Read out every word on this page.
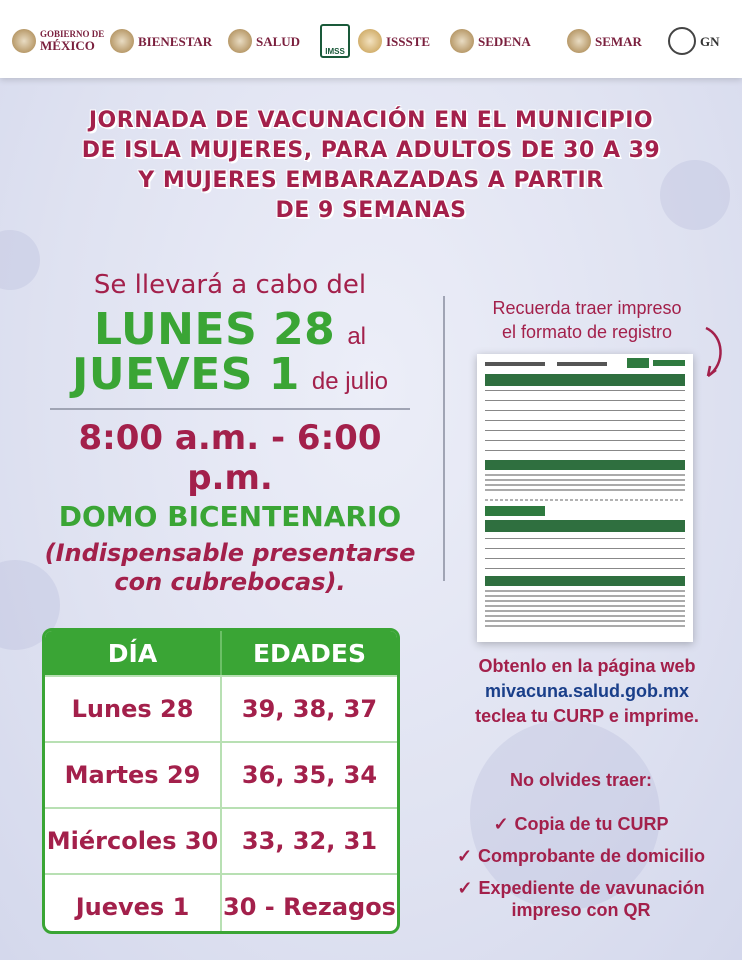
GOBIERNO DE
MÉXICO	BIENESTAR	SALUD
IMSS
ISSSTE	SEDENA	SEMAR	GN
JORNADA DE VACUNACIÓN EN EL MUNICIPIO
DE ISLA MUJERES, PARA ADULTOS DE 30 A 39
Y MUJERES EMBARAZADAS A PARTIR
DE 9 SEMANAS
Se llevará a cabo del
LUNES 28 al
JUEVES 1 de julio
8:00 a.m. - 6:00 p.m.
DOMO BICENTENARIO
(Indispensable presentarse
con cubrebocas).
DÍA	EDADES
Lunes 28	39, 38, 37
Martes 29	36, 35, 34
Miércoles 30 33, 32, 31
Jueves 1	30 - Rezagos
Recuerda traer impreso
el formato de registro
Obtenlo en la página web
mivacuna.salud.gob.mx
teclea tu CURP e imprime.
No olvides traer:
✓ Copia de tu CURP
✓ Comprobante de domicilio
✓ Expediente de vavunación
impreso con QR
